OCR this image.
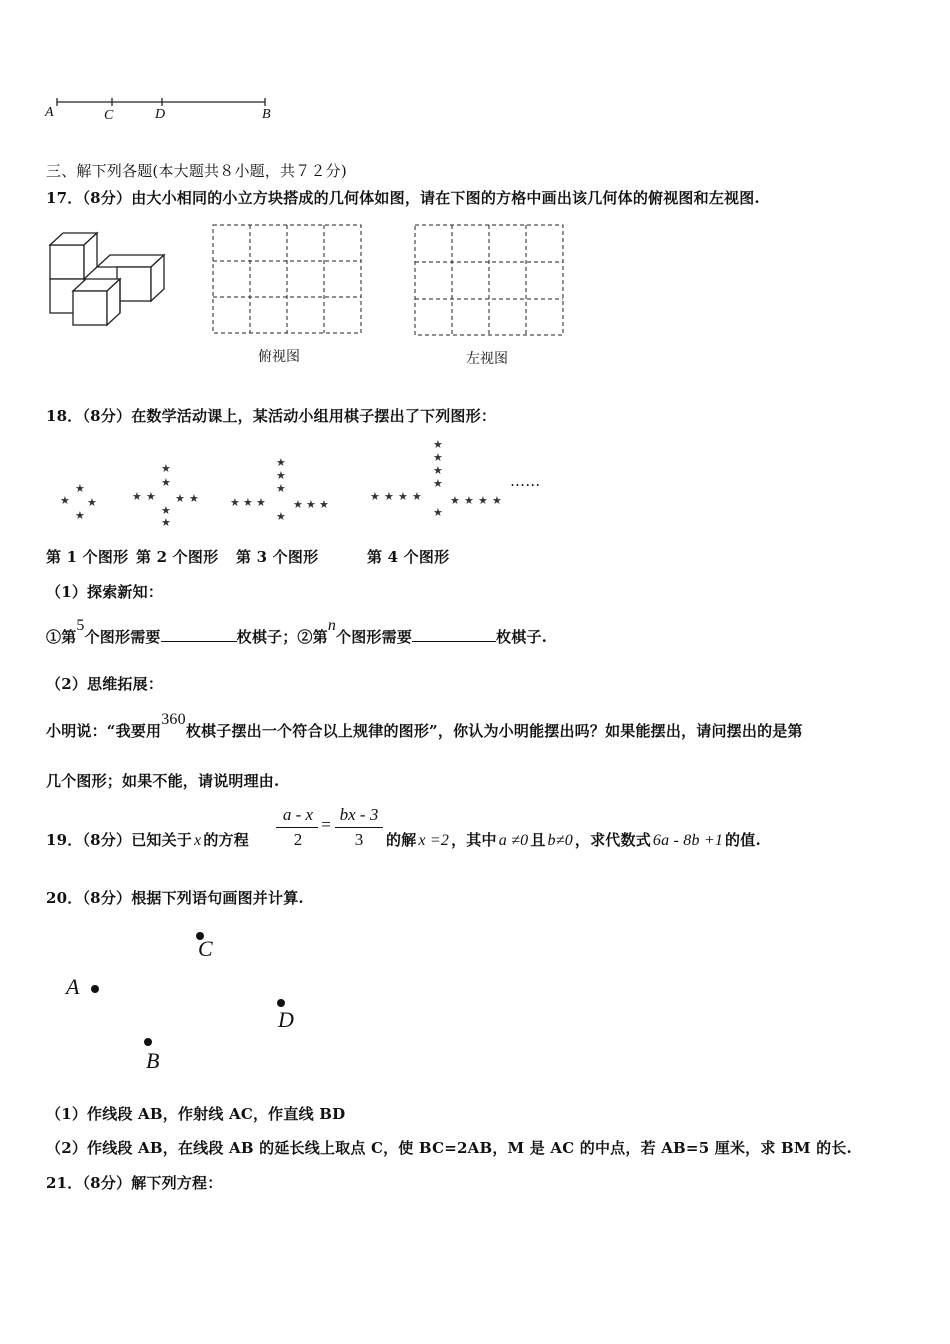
A	C	D	B
三、解下列各题(本大题共８小题，共７２分)
17．（8分）由大小相同的小立方块搭成的几何体如图，请在下图的方格中画出该几何体的俯视图和左视图.
俯视图	左视图
18．（8分）在数学活动课上，某活动小组用棋子摆出了下列图形：
★
★ ★
★
★
★
★ ★ ★ ★
★
★
★
★
★
★ ★ ★ ★ ★ ★
★
★
★
★
★
★ ★ ★ ★	★ ★ ★ ★
★
……
第 1 个图形 第 2 个图形 第 3 个图形	第 4 个图形
（1）探索新知：
①第5个图形需要	枚棋子；②第n个图形需要	枚棋子.
（2）思维拓展：
小明说：“我要用360枚棋子摆出一个符合以上规律的图形”，你认为小明能摆出吗？如果能摆出，请问摆出的是第
几个图形；如果不能，请说明理由.
19．（8分）已知关于 x 的方程
a - x
2
=
bx - 3
3	的解 x =2 ，其中 a ≠0 且 b≠0 ，求代数式 6a - 8b +1 的值.
20．（8分）根据下列语句画图并计算.
A
B
C
D
（1）作线段 AB，作射线 AC，作直线 BD
（2）作线段 AB，在线段 AB 的延长线上取点 C，使 BC=2AB，M 是 AC 的中点，若 AB=5 厘米，求 BM 的长.
21．（8分）解下列方程：
